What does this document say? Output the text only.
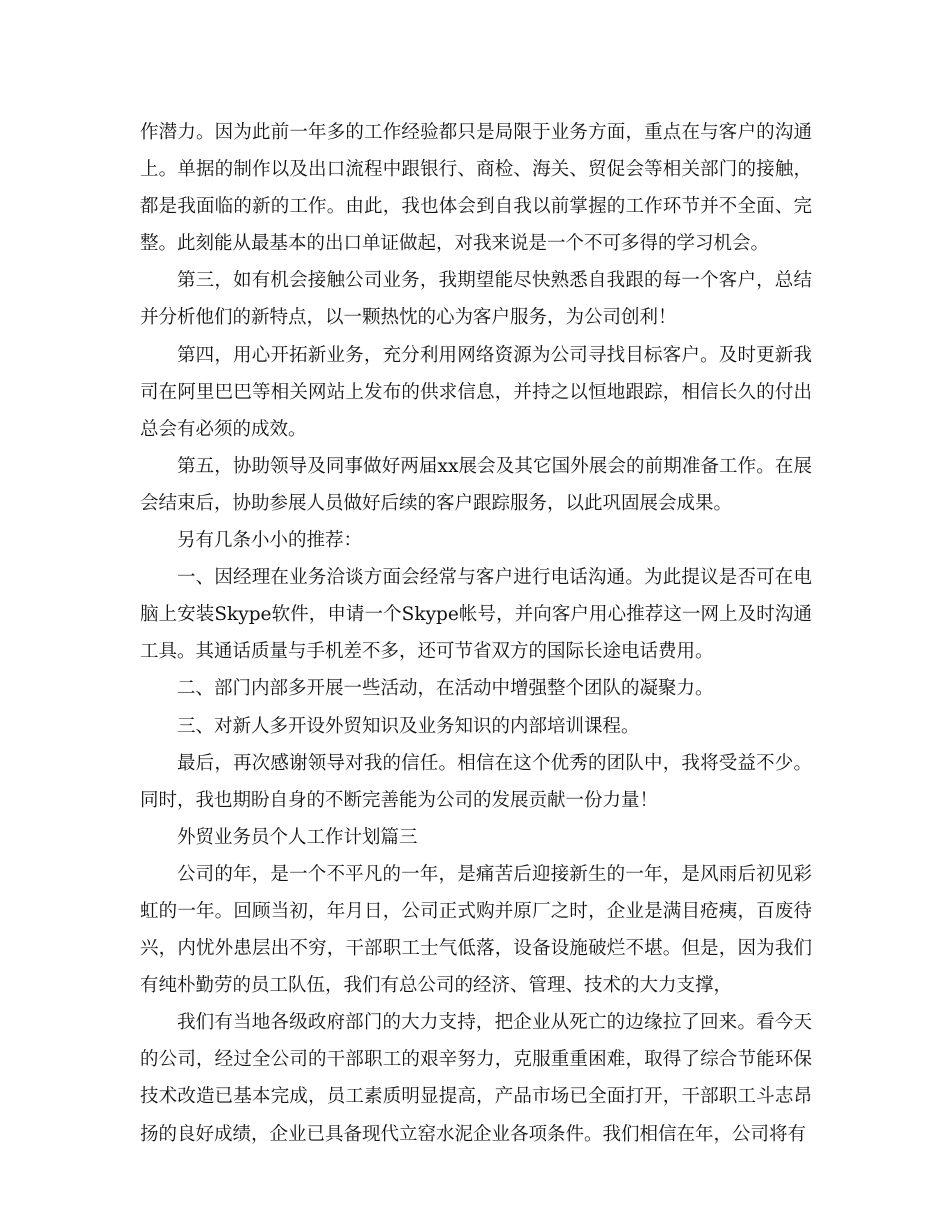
作潜力。因为此前一年多的工作经验都只是局限于业务方面，重点在与客户的沟通上。单据的制作以及出口流程中跟银行、商检、海关、贸促会等相关部门的接触，都是我面临的新的工作。由此，我也体会到自我以前掌握的工作环节并不全面、完整。此刻能从最基本的出口单证做起，对我来说是一个不可多得的学习机会。

第三，如有机会接触公司业务，我期望能尽快熟悉自我跟的每一个客户，总结并分析他们的新特点，以一颗热忱的心为客户服务，为公司创利！

第四，用心开拓新业务，充分利用网络资源为公司寻找目标客户。及时更新我司在阿里巴巴等相关网站上发布的供求信息，并持之以恒地跟踪，相信长久的付出总会有必须的成效。

第五，协助领导及同事做好两届xx展会及其它国外展会的前期准备工作。在展会结束后，协助参展人员做好后续的客户跟踪服务，以此巩固展会成果。

另有几条小小的推荐：

一、因经理在业务洽谈方面会经常与客户进行电话沟通。为此提议是否可在电脑上安装Skype软件，申请一个Skype帐号，并向客户用心推荐这一网上及时沟通工具。其通话质量与手机差不多，还可节省双方的国际长途电话费用。

二、部门内部多开展一些活动，在活动中增强整个团队的凝聚力。

三、对新人多开设外贸知识及业务知识的内部培训课程。

最后，再次感谢领导对我的信任。相信在这个优秀的团队中，我将受益不少。同时，我也期盼自身的不断完善能为公司的发展贡献一份力量！

外贸业务员个人工作计划篇三

公司的年，是一个不平凡的一年，是痛苦后迎接新生的一年，是风雨后初见彩虹的一年。回顾当初，年月日，公司正式购并原厂之时，企业是满目疮痍，百废待兴，内忧外患层出不穷，干部职工士气低落，设备设施破烂不堪。但是，因为我们有纯朴勤劳的员工队伍，我们有总公司的经济、管理、技术的大力支撑，

我们有当地各级政府部门的大力支持，把企业从死亡的边缘拉了回来。看今天的公司，经过全公司的干部职工的艰辛努力，克服重重困难，取得了综合节能环保技术改造已基本完成，员工素质明显提高，产品市场已全面打开，干部职工斗志昂扬的良好成绩，企业已具备现代立窑水泥企业各项条件。我们相信在年，公司将有
